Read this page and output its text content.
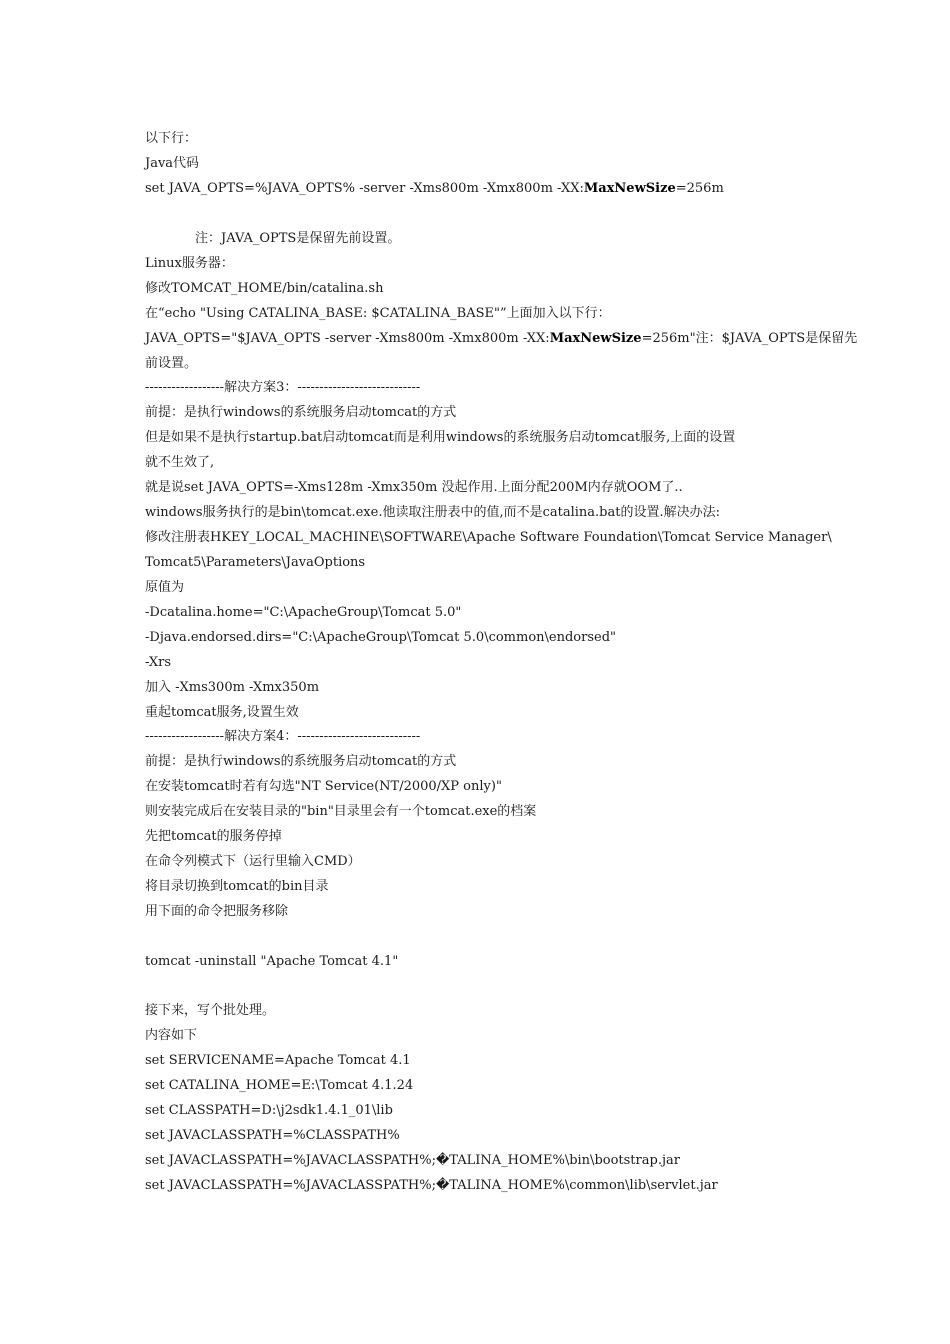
以下行：
Java代码
set JAVA_OPTS=%JAVA_OPTS% -server -Xms800m -Xmx800m -XX:MaxNewSize=256m
注：JAVA_OPTS是保留先前设置。
Linux服务器：
修改TOMCAT_HOME/bin/catalina.sh
在“echo "Using CATALINA_BASE: $CATALINA_BASE"”上面加入以下行：
JAVA_OPTS="$JAVA_OPTS -server -Xms800m -Xmx800m -XX:MaxNewSize=256m"注：$JAVA_OPTS是保留先
前设置。
------------------解决方案3：----------------------------
前提：是执行windows的系统服务启动tomcat的方式
但是如果不是执行startup.bat启动tomcat而是利用windows的系统服务启动tomcat服务,上面的设置
就不生效了,
就是说set JAVA_OPTS=-Xms128m -Xmx350m 没起作用.上面分配200M内存就OOM了..
windows服务执行的是bin\tomcat.exe.他读取注册表中的值,而不是catalina.bat的设置.解决办法:
修改注册表HKEY_LOCAL_MACHINE\SOFTWARE\Apache Software Foundation\Tomcat Service Manager\
Tomcat5\Parameters\JavaOptions
原值为
-Dcatalina.home="C:\ApacheGroup\Tomcat 5.0"
-Djava.endorsed.dirs="C:\ApacheGroup\Tomcat 5.0\common\endorsed"
-Xrs
加入 -Xms300m -Xmx350m
重起tomcat服务,设置生效
------------------解决方案4：----------------------------
前提：是执行windows的系统服务启动tomcat的方式
在安装tomcat时若有勾选"NT Service(NT/2000/XP only)"
则安装完成后在安装目录的"bin"目录里会有一个tomcat.exe的档案
先把tomcat的服务停掉
在命令列模式下（运行里输入CMD）
将目录切换到tomcat的bin目录
用下面的命令把服务移除
tomcat -uninstall "Apache Tomcat 4.1"
接下来，写个批处理。
内容如下
set SERVICENAME=Apache Tomcat 4.1
set CATALINA_HOME=E:\Tomcat 4.1.24
set CLASSPATH=D:\j2sdk1.4.1_01\lib
set JAVACLASSPATH=%CLASSPATH%
set JAVACLASSPATH=%JAVACLASSPATH%;�TALINA_HOME%\bin\bootstrap.jar
set JAVACLASSPATH=%JAVACLASSPATH%;�TALINA_HOME%\common\lib\servlet.jar
